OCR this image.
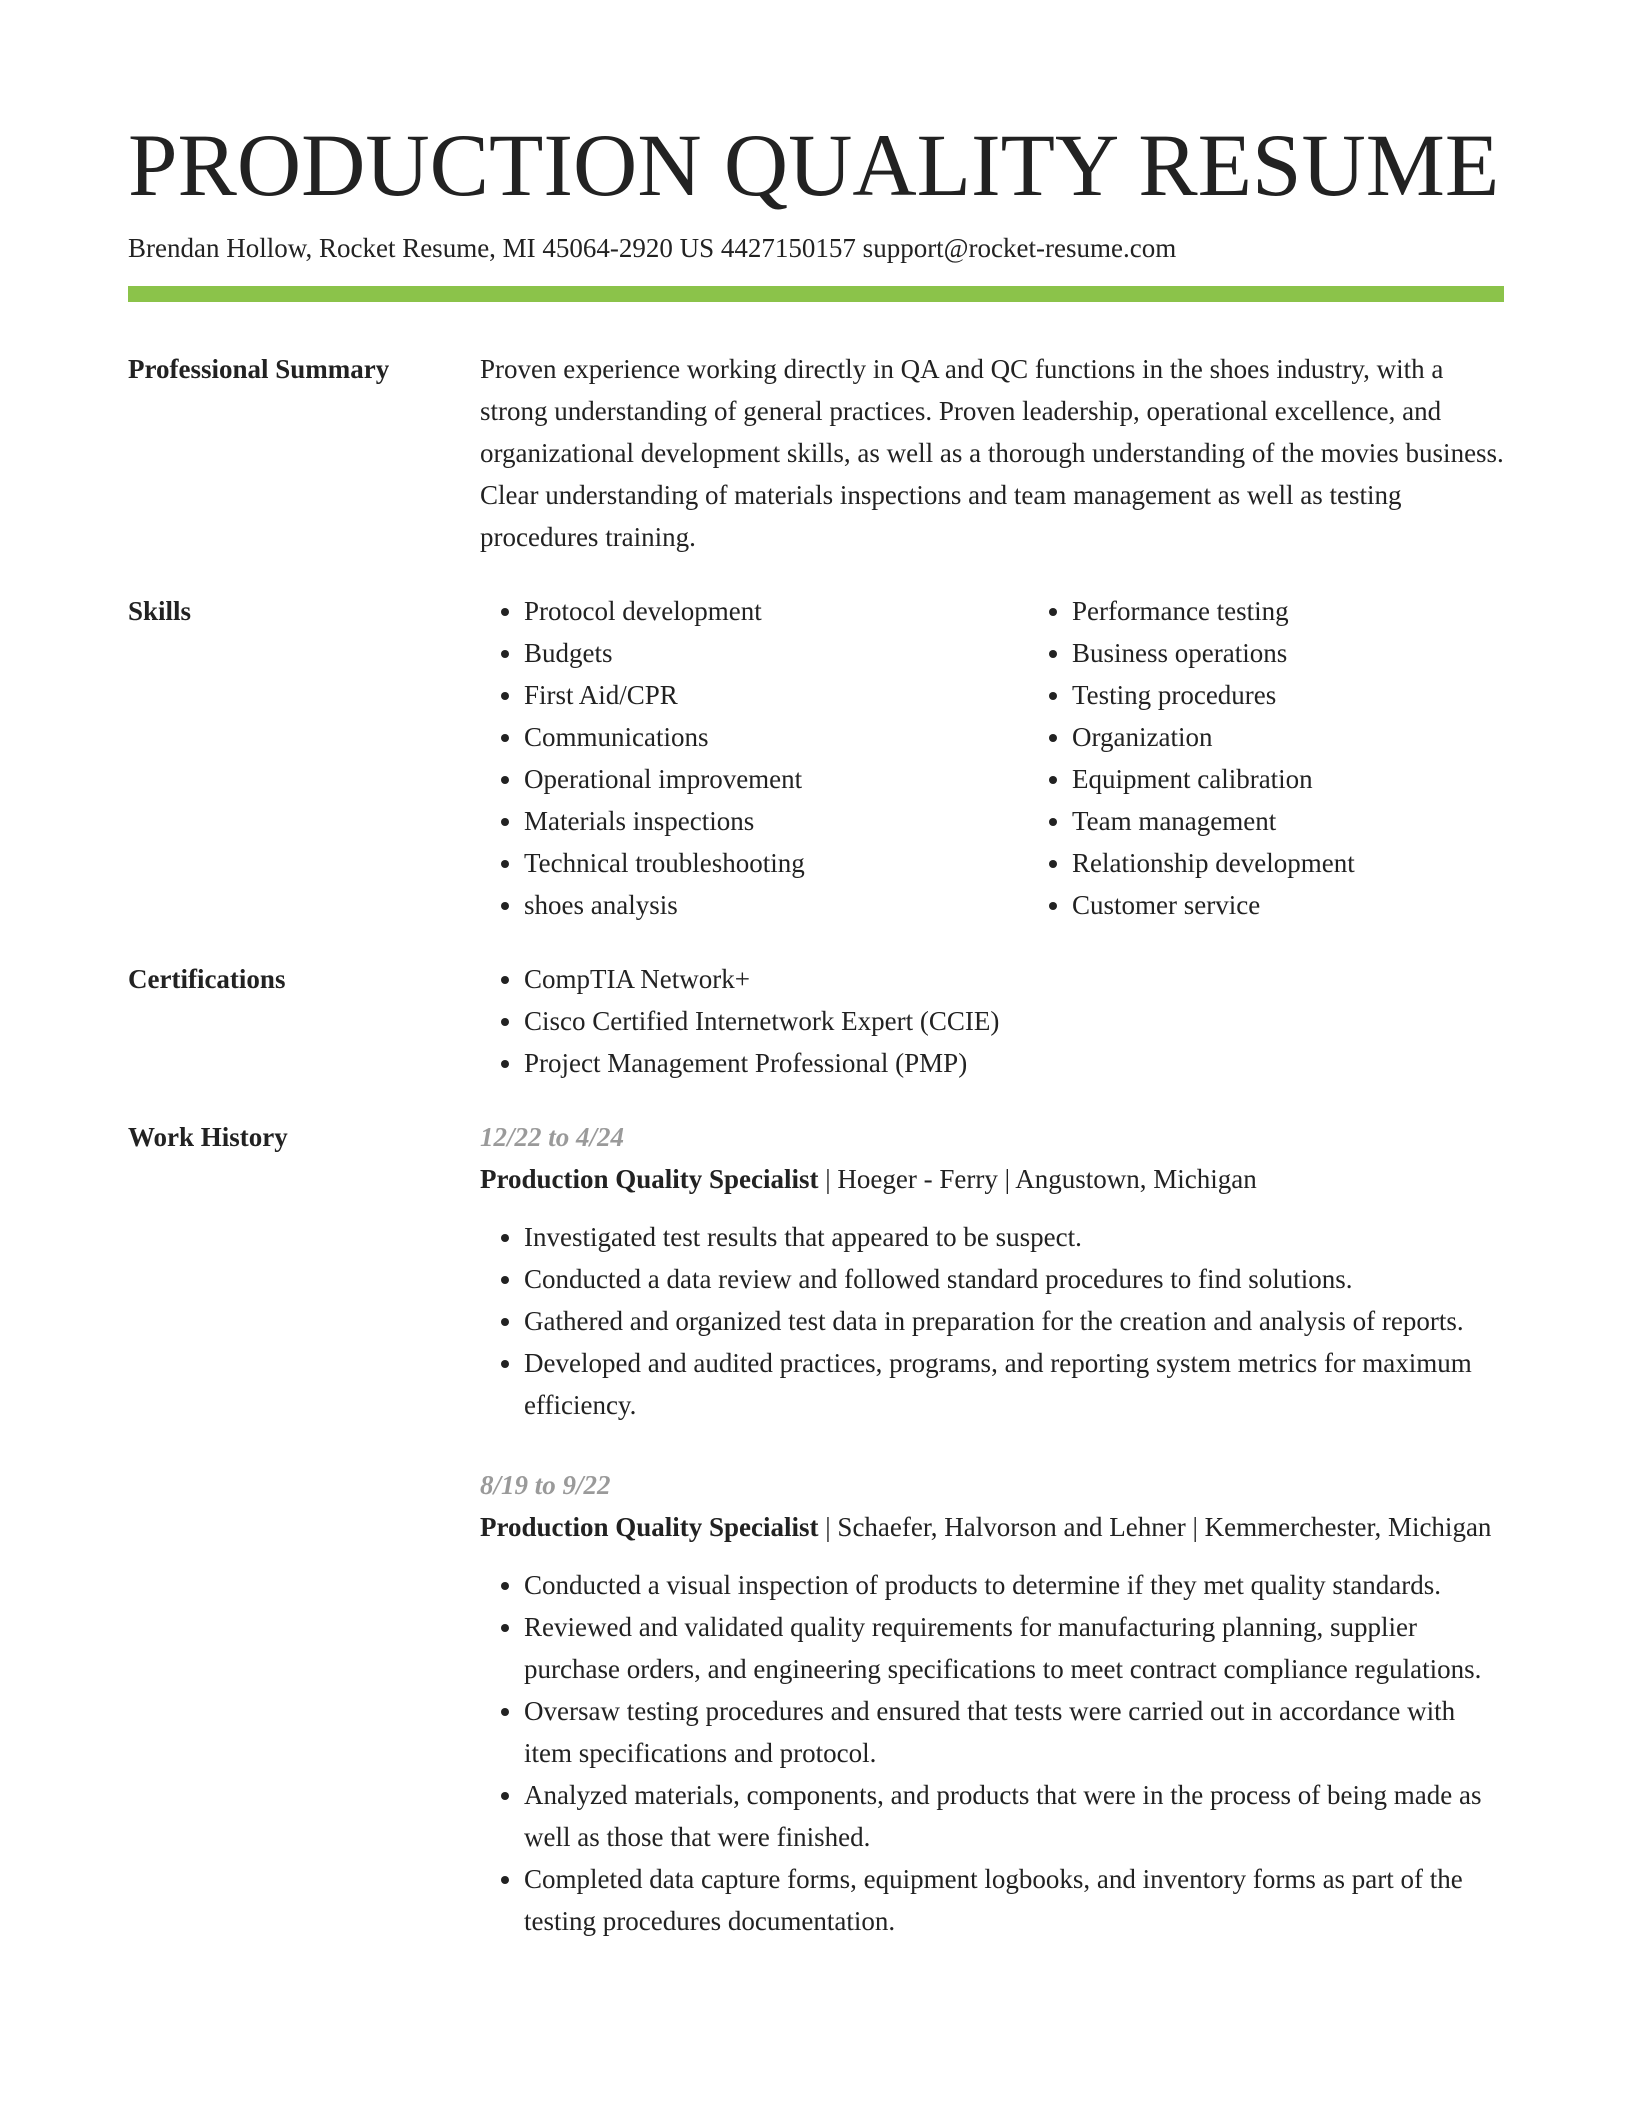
PRODUCTION QUALITY RESUME
Brendan Hollow, Rocket Resume, MI 45064-2920 US 4427150157 support@rocket-resume.com
Professional Summary	Proven experience working directly in QA and QC functions in the shoes industry, with a strong understanding of general practices. Proven leadership, operational excellence, and organizational development skills, as well as a thorough understanding of the movies business. Clear understanding of materials inspections and team management as well as testing procedures training.

Skills	• Protocol development
• Budgets
• First Aid/CPR
• Communications
• Operational improvement
• Materials inspections
• Technical troubleshooting
• shoes analysis
• Performance testing
• Business operations
• Testing procedures
• Organization
• Equipment calibration
• Team management
• Relationship development
• Customer service
Certifications	• CompTIA Network+
• Cisco Certified Internetwork Expert (CCIE)
• Project Management Professional (PMP)
Work History	12/22 to 4/24
Production Quality Specialist | Hoeger - Ferry | Angustown, Michigan
• Investigated test results that appeared to be suspect.
• Conducted a data review and followed standard procedures to find solutions.
• Gathered and organized test data in preparation for the creation and analysis of reports.
• Developed and audited practices, programs, and reporting system metrics for maximum efficiency.
8/19 to 9/22
Production Quality Specialist | Schaefer, Halvorson and Lehner | Kemmerchester, Michigan
• Conducted a visual inspection of products to determine if they met quality standards.
• Reviewed and validated quality requirements for manufacturing planning, supplier purchase orders, and engineering specifications to meet contract compliance regulations.
• Oversaw testing procedures and ensured that tests were carried out in accordance with item specifications and protocol.
• Analyzed materials, components, and products that were in the process of being made as well as those that were finished.
• Completed data capture forms, equipment logbooks, and inventory forms as part of the testing procedures documentation.
